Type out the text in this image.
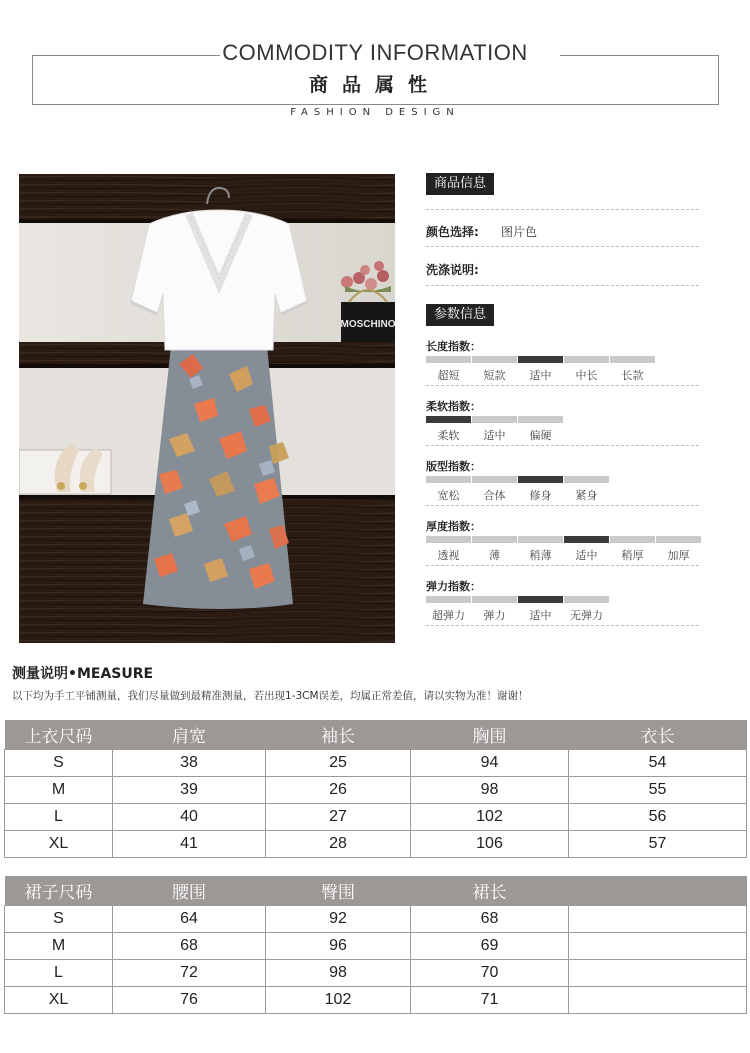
COMMODITY INFORMATION
商品属性
FASHION DESIGN
MOSCHINO
商品信息
颜色选择: 图片色
洗涤说明:
参数信息
长度指数：
超短	短款	适中	中长	长款
柔软指数：
柔软	适中	偏硬
版型指数：
宽松	合体	修身	紧身
厚度指数：
透视	薄	稍薄	适中	稍厚	加厚
弹力指数：
超弹力	弹力	适中	无弹力
测量说明•MEASURE
以下均为手工平铺测量，我们尽量做到最精准测量，若出现1-3CM误差，均属正常差值，请以实物为准！谢谢！
上衣尺码	肩宽	袖长	胸围	衣长
S	38	25	94	54
M	39	26	98	55
L	40	27	102	56
XL	41	28	106	57
裙子尺码	腰围	臀围	裙长	
S	64	92	68	
M	68	96	69	
L	72	98	70	
XL	76	102	71	
